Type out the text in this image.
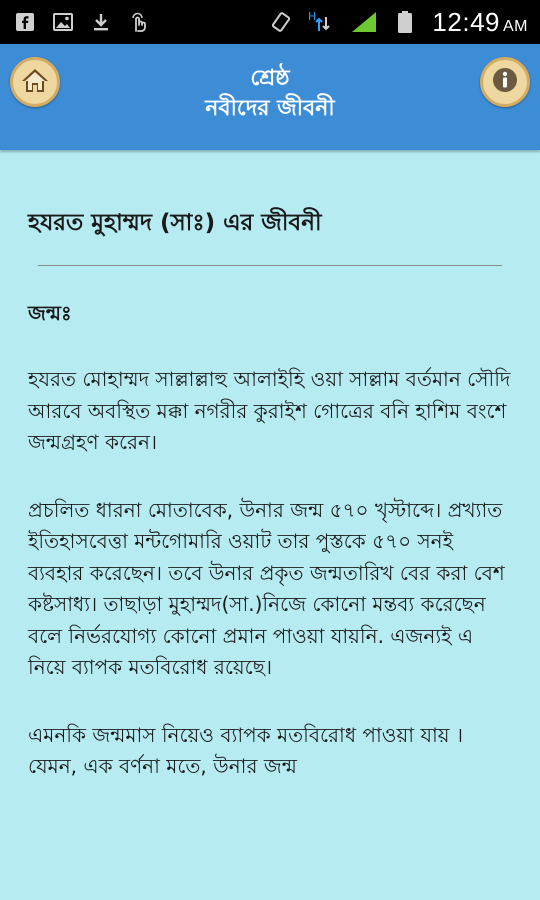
H	12:49 AM
শ্রেষ্ঠ
নবীদের জীবনী
হযরত মুহাম্মদ (সাঃ) এর জীবনী
জন্মঃ

হযরত মোহাম্মদ সাল্লাল্লাহু আলাইহি ওয়া সাল্লাম বর্তমান সৌদি আরবে অবস্থিত মক্কা নগরীর কুরাইশ গোত্রের বনি হাশিম বংশে জন্মগ্রহণ করেন।

প্রচলিত ধারনা মোতাবেক, উনার জন্ম ৫৭০ খৃস্টাব্দে। প্রখ্যাত ইতিহাসবেত্তা মন্টগোমারি ওয়াট তার পুস্তকে ৫৭০ সনই ব্যবহার করেছেন। তবে উনার প্রকৃত জন্মতারিখ বের করা বেশ কষ্টসাধ্য। তাছাড়া মুহাম্মদ(সা.)নিজে কোনো মন্তব্য করেছেন বলে নির্ভরযোগ্য কোনো প্রমান পাওয়া যায়নি. এজন্যই এ নিয়ে ব্যাপক মতবিরোধ রয়েছে।

এমনকি জন্মমাস নিয়েও ব্যাপক মতবিরোধ পাওয়া যায় ।যেমন, এক বর্ণনা মতে, উনার জন্ম
